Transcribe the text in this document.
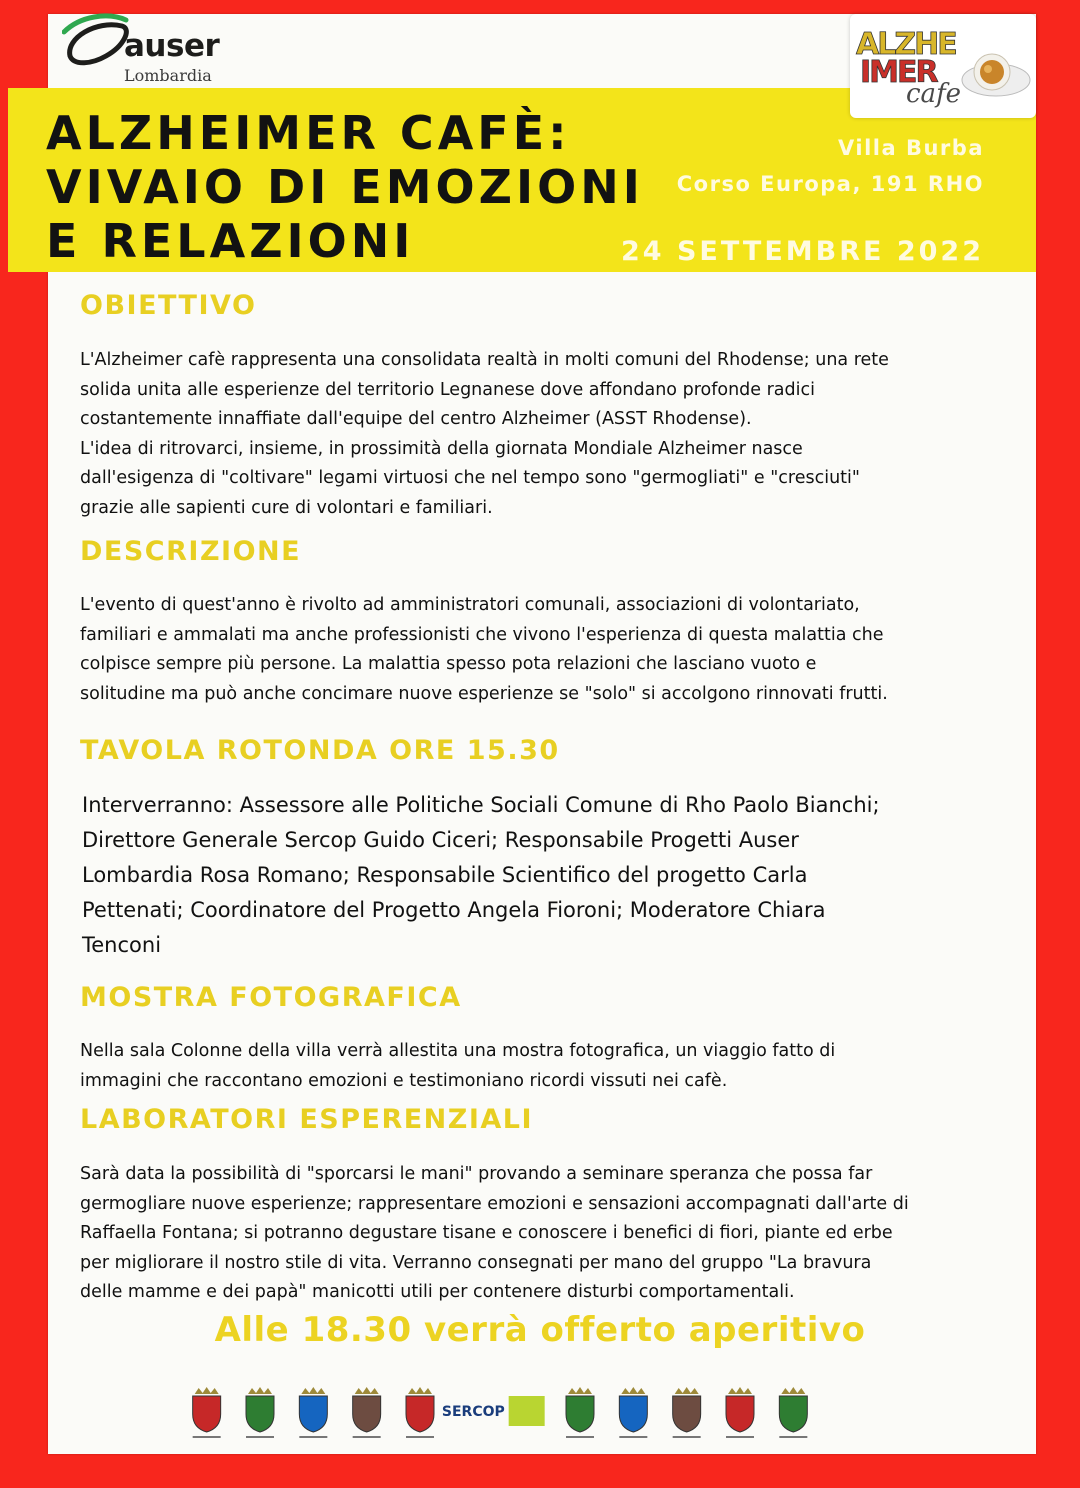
auser
Lombardia
ALZHE
IMER
cafe
ALZHEIMER CAFÈ:
VIVAIO DI EMOZIONI
E RELAZIONI
Villa Burba
Corso Europa, 191 RHO
24 SETTEMBRE 2022
OBIETTIVO

L'Alzheimer cafè rappresenta una consolidata realtà in molti comuni del Rhodense; una rete
solida unita alle esperienze del territorio Legnanese dove affondano profonde radici
costantemente innaffiate dall'equipe del centro Alzheimer (ASST Rhodense).
L'idea di ritrovarci, insieme, in prossimità della giornata Mondiale Alzheimer nasce
dall'esigenza di "coltivare" legami virtuosi che nel tempo sono "germogliati" e "cresciuti"
grazie alle sapienti cure di volontari e familiari.

DESCRIZIONE

L'evento di quest'anno è rivolto ad amministratori comunali, associazioni di volontariato,
familiari e ammalati ma anche professionisti che vivono l'esperienza di questa malattia che
colpisce sempre più persone. La malattia spesso pota relazioni che lasciano vuoto e
solitudine ma può anche concimare nuove esperienze se "solo" si accolgono rinnovati frutti.

TAVOLA ROTONDA ORE 15.30

Interverranno: Assessore alle Politiche Sociali Comune di Rho Paolo Bianchi;
Direttore Generale Sercop Guido Ciceri; Responsabile Progetti Auser
Lombardia Rosa Romano; Responsabile Scientifico del progetto Carla
Pettenati; Coordinatore del Progetto Angela Fioroni; Moderatore Chiara
Tenconi

MOSTRA FOTOGRAFICA

Nella sala Colonne della villa verrà allestita una mostra fotografica, un viaggio fatto di
immagini che raccontano emozioni e testimoniano ricordi vissuti nei cafè.

LABORATORI ESPERENZIALI

Sarà data la possibilità di "sporcarsi le mani" provando a seminare speranza che possa far
germogliare nuove esperienze; rappresentare emozioni e sensazioni accompagnati dall'arte di
Raffaella Fontana; si potranno degustare tisane e conoscere i benefici di fiori, piante ed erbe
per migliorare il nostro stile di vita. Verranno consegnati per mano del gruppo "La bravura
delle mamme e dei papà" manicotti utili per contenere disturbi comportamentali.

Alle 18.30 verrà offerto aperitivo
SERCOP
